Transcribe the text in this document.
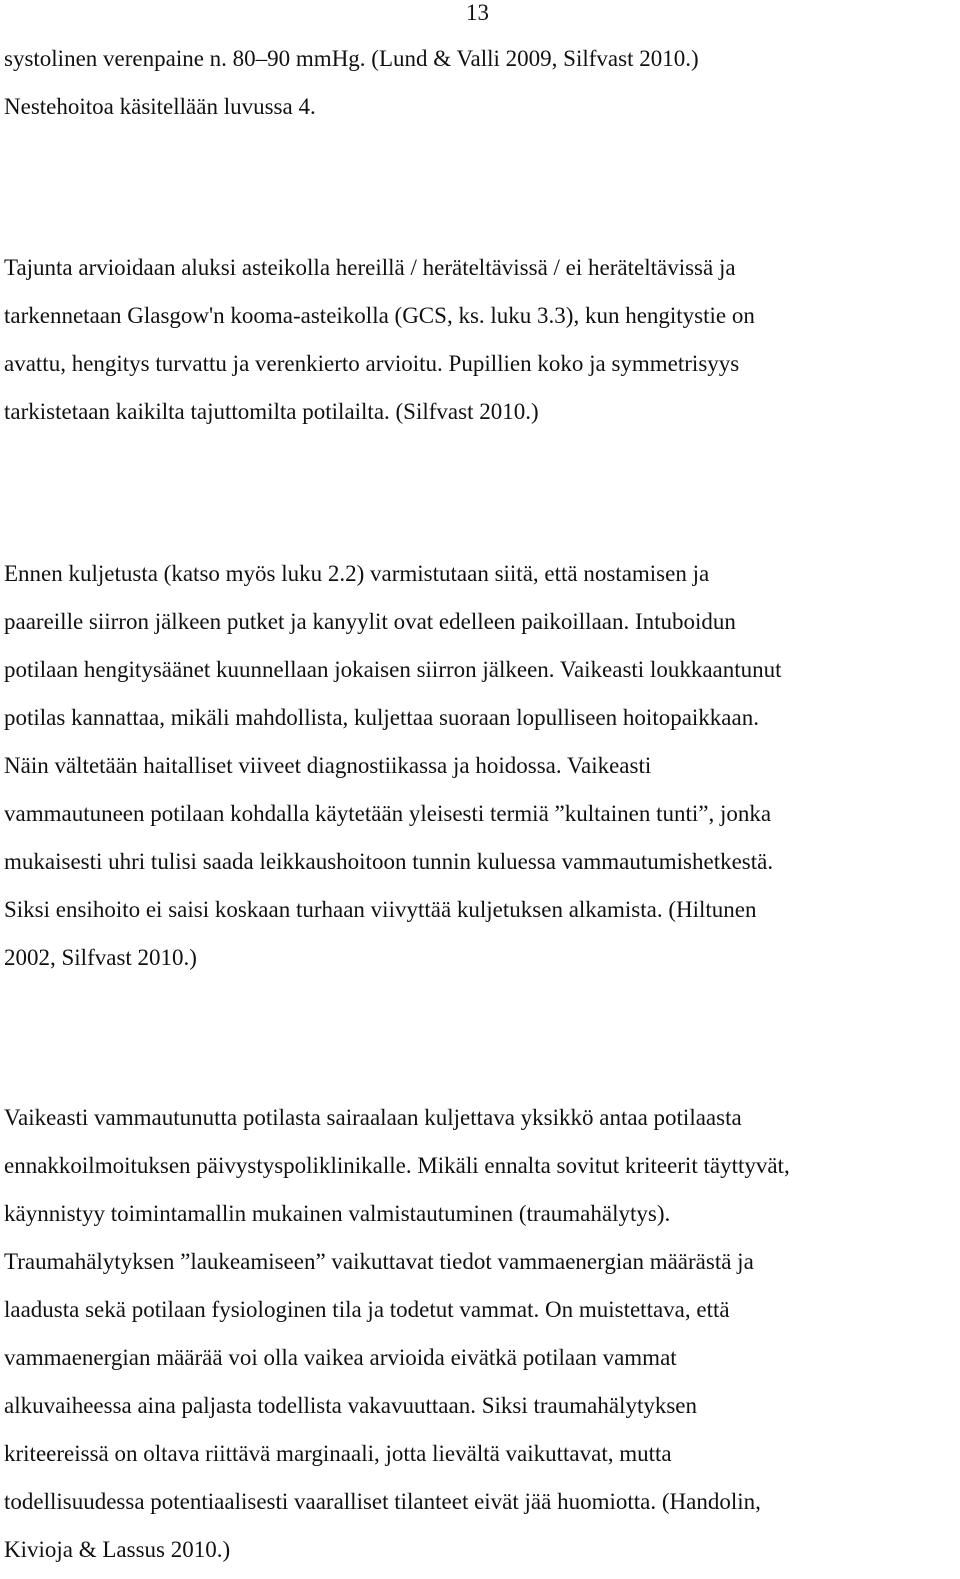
13
systolinen verenpaine n. 80–90 mmHg. (Lund & Valli 2009, Silfvast 2010.)
Nestehoitoa käsitellään luvussa 4.
Tajunta arvioidaan aluksi asteikolla hereillä / heräteltävissä / ei heräteltävissä ja
tarkennetaan Glasgow'n kooma-asteikolla (GCS, ks. luku 3.3), kun hengitystie on
avattu, hengitys turvattu ja verenkierto arvioitu. Pupillien koko ja symmetrisyys
tarkistetaan kaikilta tajuttomilta potilailta. (Silfvast 2010.)
Ennen kuljetusta (katso myös luku 2.2) varmistutaan siitä, että nostamisen ja
paareille siirron jälkeen putket ja kanyylit ovat edelleen paikoillaan. Intuboidun
potilaan hengitysäänet kuunnellaan jokaisen siirron jälkeen. Vaikeasti loukkaantunut
potilas kannattaa, mikäli mahdollista, kuljettaa suoraan lopulliseen hoitopaikkaan.
Näin vältetään haitalliset viiveet diagnostiikassa ja hoidossa. Vaikeasti
vammautuneen potilaan kohdalla käytetään yleisesti termiä ”kultainen tunti”, jonka
mukaisesti uhri tulisi saada leikkaushoitoon tunnin kuluessa vammautumishetkestä.
Siksi ensihoito ei saisi koskaan turhaan viivyttää kuljetuksen alkamista. (Hiltunen
2002, Silfvast 2010.)
Vaikeasti vammautunutta potilasta sairaalaan kuljettava yksikkö antaa potilaasta
ennakkoilmoituksen päivystyspoliklinikalle. Mikäli ennalta sovitut kriteerit täyttyvät,
käynnistyy toimintamallin mukainen valmistautuminen (traumahälytys).
Traumahälytyksen ”laukeamiseen” vaikuttavat tiedot vammaenergian määrästä ja
laadusta sekä potilaan fysiologinen tila ja todetut vammat. On muistettava, että
vammaenergian määrää voi olla vaikea arvioida eivätkä potilaan vammat
alkuvaiheessa aina paljasta todellista vakavuuttaan. Siksi traumahälytyksen
kriteereissä on oltava riittävä marginaali, jotta lievältä vaikuttavat, mutta
todellisuudessa potentiaalisesti vaaralliset tilanteet eivät jää huomiotta. (Handolin,
Kivioja & Lassus 2010.)
